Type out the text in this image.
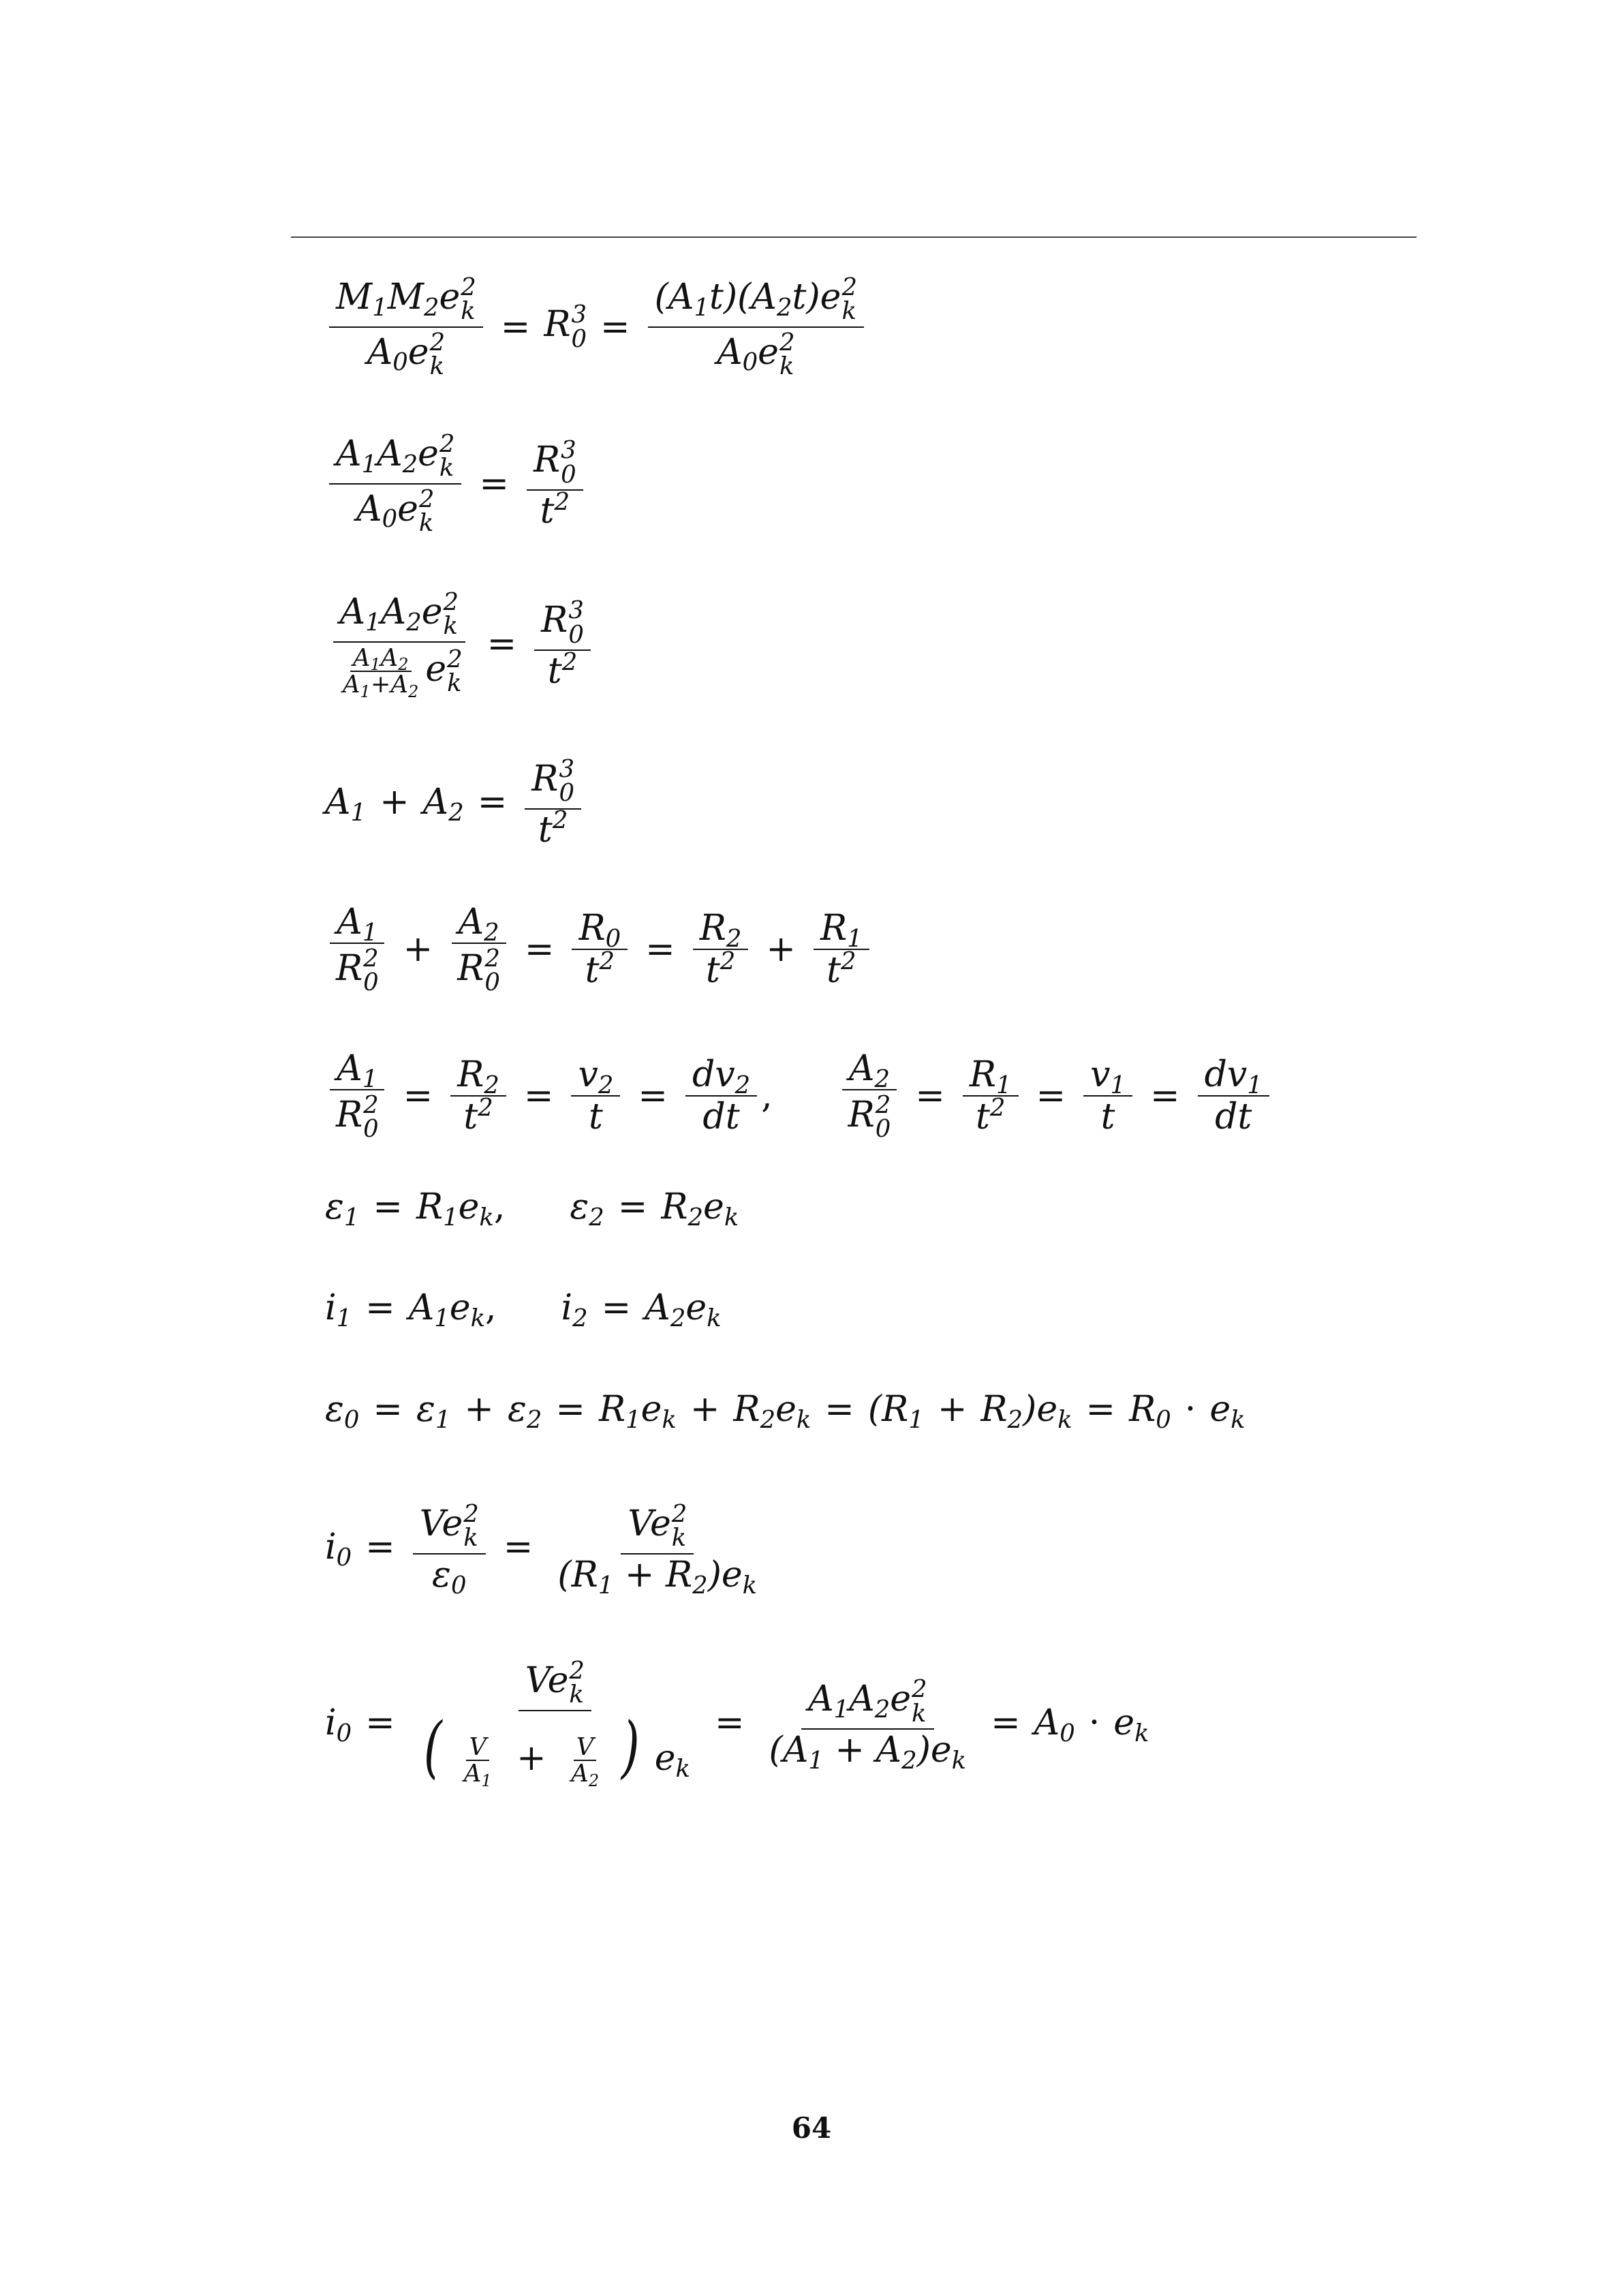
$M_1M_2e$ 2
k
$A_0e$ 2
k = R 3
$0 = (A_1t)(A_2t)e$ 2
k
$A_0e$ 2
k
$A_1A_2e$ 2
k
$A_0e$ 2
k = R 3
0
$t^2$
$A_1A_2e$ 2
k
$\frac{A_1A_2}{A_1+A_2}$ e 2
k = R 3
0
$t^2$
$A_1 + A_2 = R$ 3
0
$t^2$
$A_1$
R 2
$0 + A_2$
R 2
$0 = \frac{R_0}{t^2} = \frac{R_2}{t^2} + \frac{R_1}{t^2}$
$A_1$
R 2
$0 = \frac{R_2}{t^2} = \frac{v_2}{t} = \frac{dv_2}{dt}$ , $A_2$
R 2
$0 = \frac{R_1}{t^2} = \frac{v_1}{t} = \frac{dv_1}{dt}$
$\varepsilon_1 = R_1e_k$ , $\varepsilon_2 = R_2e_k$
$i_1 = A_1e_k$ , $i_2 = A_2e_k$
$\varepsilon_0 = \varepsilon_1 + \varepsilon_2 = R_1e_k + R_2e_k = (R_1 + R_2)e_k = R_0 \cdot e_k$
$i_0 = Ve$ 2
k
$\varepsilon_0 = Ve$ 2
k
$(R_1 + R_2)e_k$
$i_0$ =
Ve 2
k
( $\frac{V}{A_1} + \frac{V}{A_2}$ ) $e_k$
= $A_1A_2e$ 2
k
$(A_1 + A_2)e_k = A_0 \cdot e_k$
64
